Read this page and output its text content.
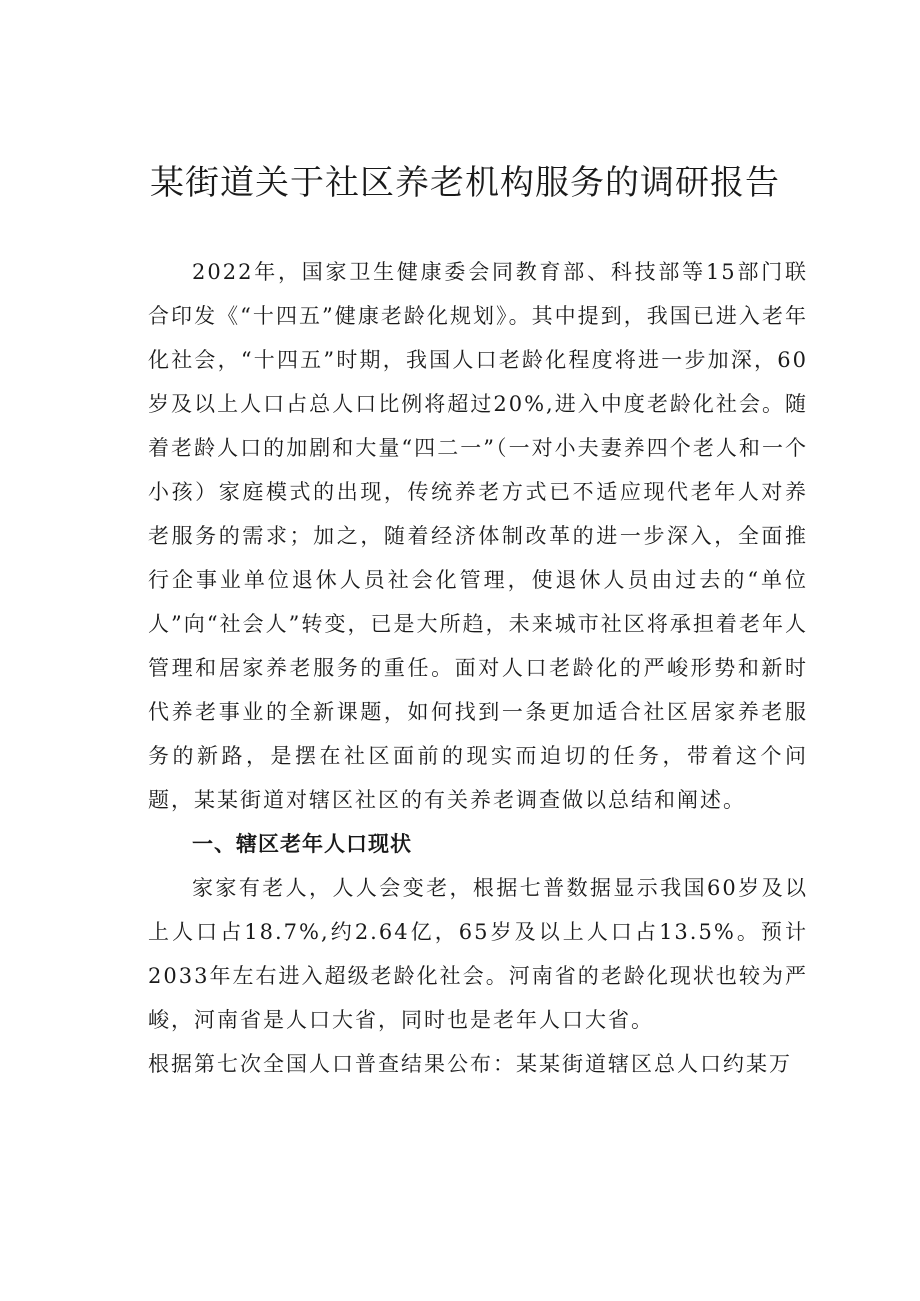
某街道关于社区养老机构服务的调研报告

2022年，国家卫生健康委会同教育部、科技部等15部门联合印发《“十四五”健康老龄化规划》。其中提到，我国已进入老年化社会，“十四五”时期，我国人口老龄化程度将进一步加深，60岁及以上人口占总人口比例将超过20%,进入中度老龄化社会。随着老龄人口的加剧和大量“四二一”（一对小夫妻养四个老人和一个小孩）家庭模式的出现，传统养老方式已不适应现代老年人对养老服务的需求；加之，随着经济体制改革的进一步深入，全面推行企事业单位退休人员社会化管理，使退休人员由过去的“单位人”向“社会人”转变，已是大所趋，未来城市社区将承担着老年人管理和居家养老服务的重任。面对人口老龄化的严峻形势和新时代养老事业的全新课题，如何找到一条更加适合社区居家养老服务的新路，是摆在社区面前的现实而迫切的任务，带着这个问题，某某街道对辖区社区的有关养老调查做以总结和阐述。

一、辖区老年人口现状

家家有老人，人人会变老，根据七普数据显示我国60岁及以上人口占18.7%,约2.64亿，65岁及以上人口占13.5%。预计2033年左右进入超级老龄化社会。河南省的老龄化现状也较为严峻，河南省是人口大省，同时也是老年人口大省。

根据第七次全国人口普查结果公布：某某街道辖区总人口约某万
